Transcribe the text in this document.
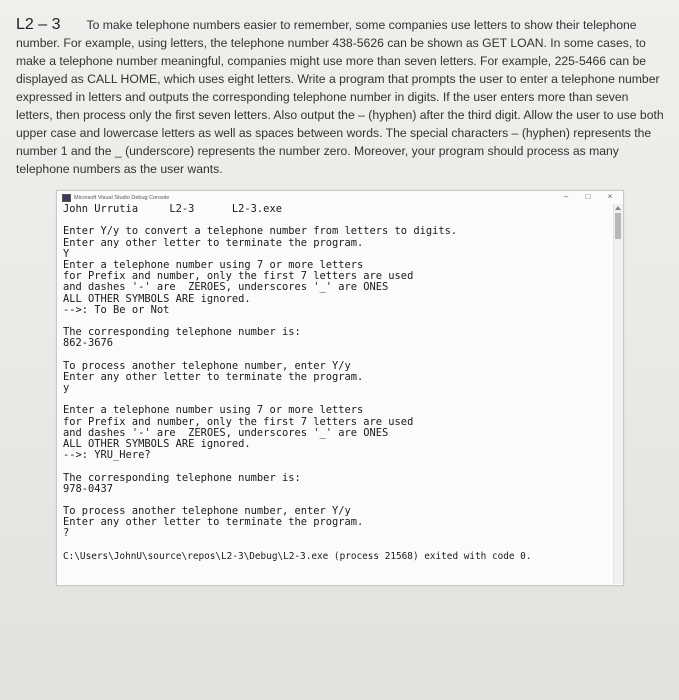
L2 – 3 To make telephone numbers easier to remember, some companies use letters to show their telephone number. For example, using letters, the telephone number 438-5626 can be shown as GET LOAN. In some cases, to make a telephone number meaningful, companies might use more than seven letters. For example, 225-5466 can be displayed as CALL HOME, which uses eight letters. Write a program that prompts the user to enter a telephone number expressed in letters and outputs the corresponding telephone number in digits. If the user enters more than seven letters, then process only the first seven letters. Also output the – (hyphen) after the third digit. Allow the user to use both upper case and lowercase letters as well as spaces between words. The special characters – (hyphen) represents the number 1 and the _ (underscore) represents the number zero. Moreover, your program should process as many telephone numbers as the user wants.
Microsoft Visual Studio Debug Console	–	□	×
John Urrutia     L2-3      L2-3.exe
Enter Y/y to convert a telephone number from letters to digits.
Enter any other letter to terminate the program.
Y
Enter a telephone number using 7 or more letters
for Prefix and number, only the first 7 letters are used
and dashes '-' are  ZEROES, underscores '_' are ONES
ALL OTHER SYMBOLS ARE ignored.
-->: To Be or Not
The corresponding telephone number is:
862-3676
To process another telephone number, enter Y/y
Enter any other letter to terminate the program.
y
Enter a telephone number using 7 or more letters
for Prefix and number, only the first 7 letters are used
and dashes '-' are  ZEROES, underscores '_' are ONES
ALL OTHER SYMBOLS ARE ignored.
-->: YRU_Here?
The corresponding telephone number is:
978-0437
To process another telephone number, enter Y/y
Enter any other letter to terminate the program.
?
C:\Users\JohnU\source\repos\L2-3\Debug\L2-3.exe (process 21568) exited with code 0.
